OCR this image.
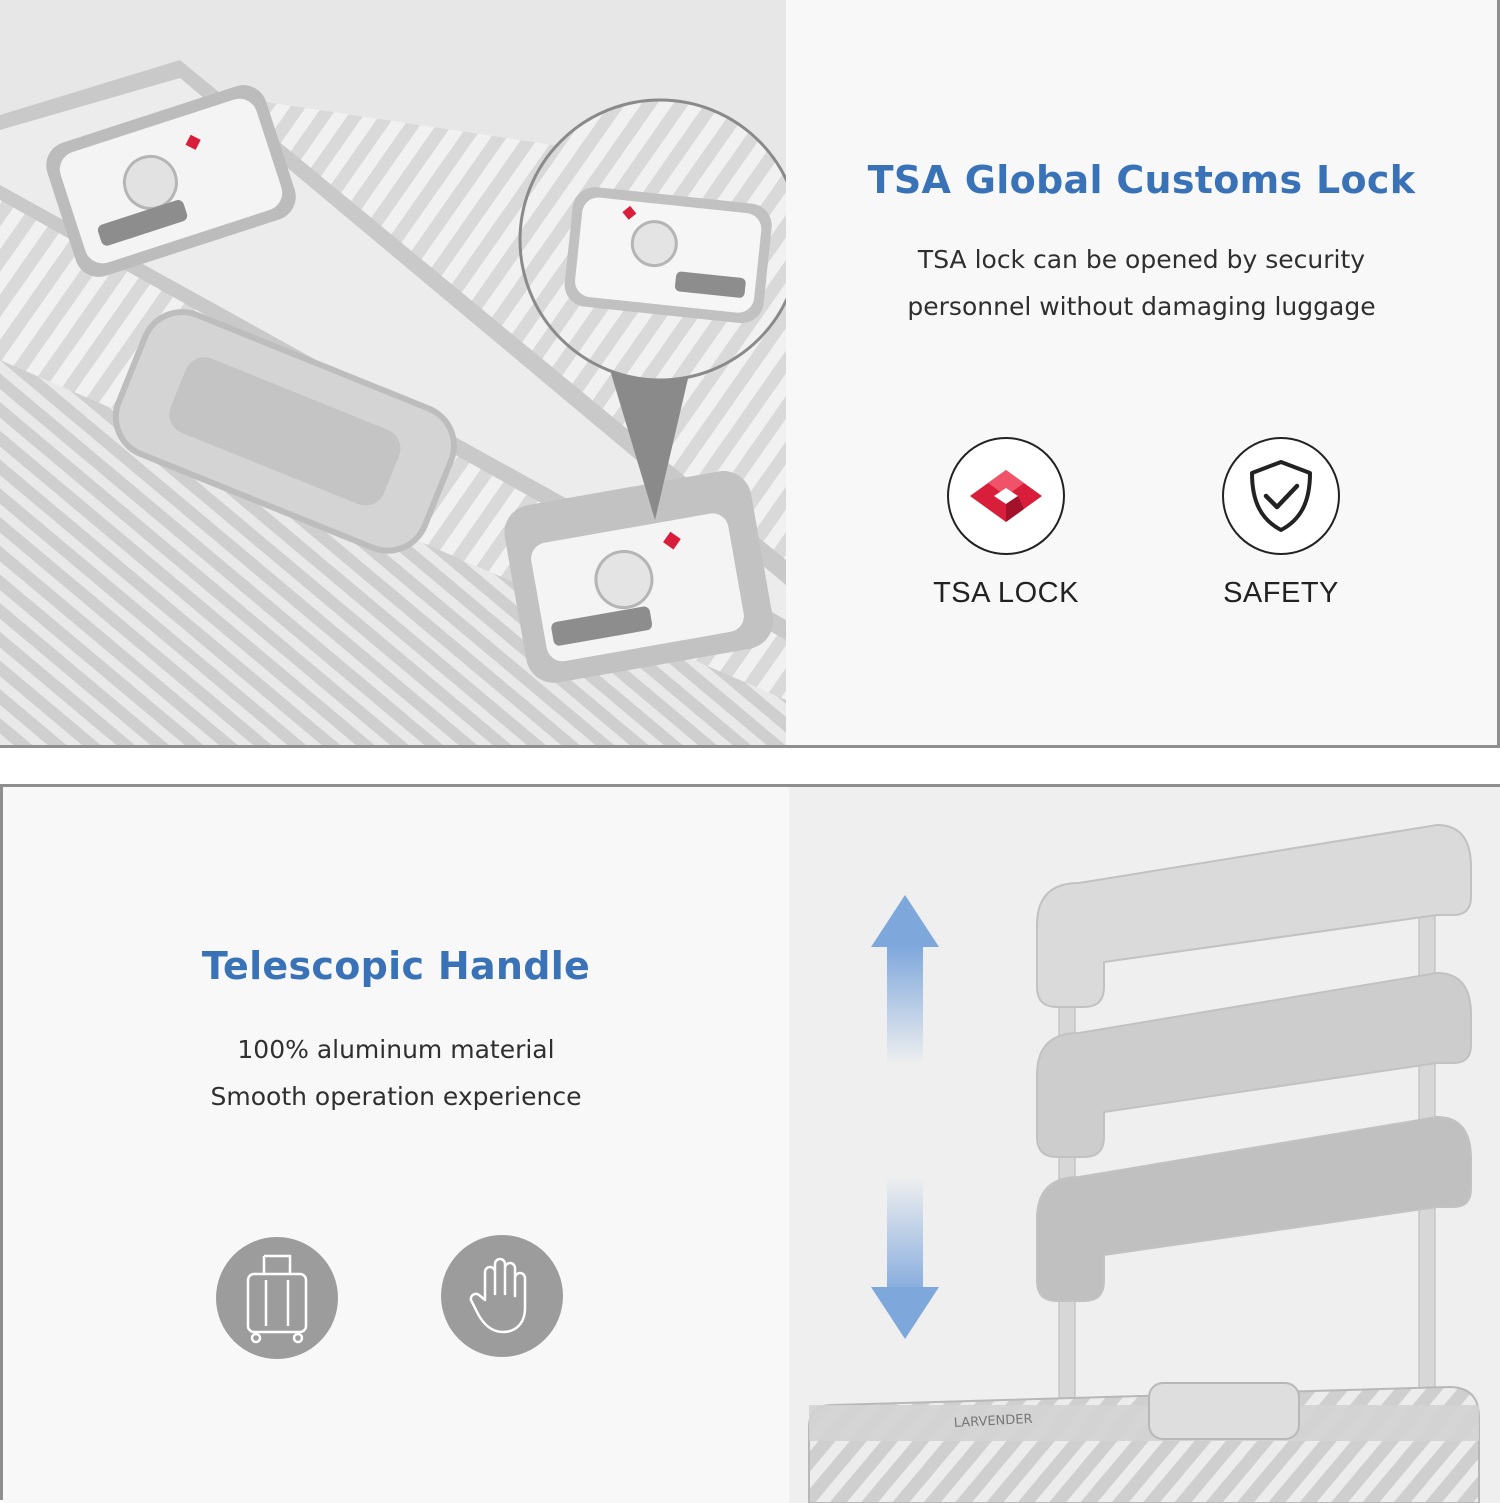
TSA Global Customs Lock
TSA lock can be opened by security
personnel without damaging luggage
TSA LOCK	SAFETY
Telescopic Handle
100% aluminum material
Smooth operation experience
LARVENDER
